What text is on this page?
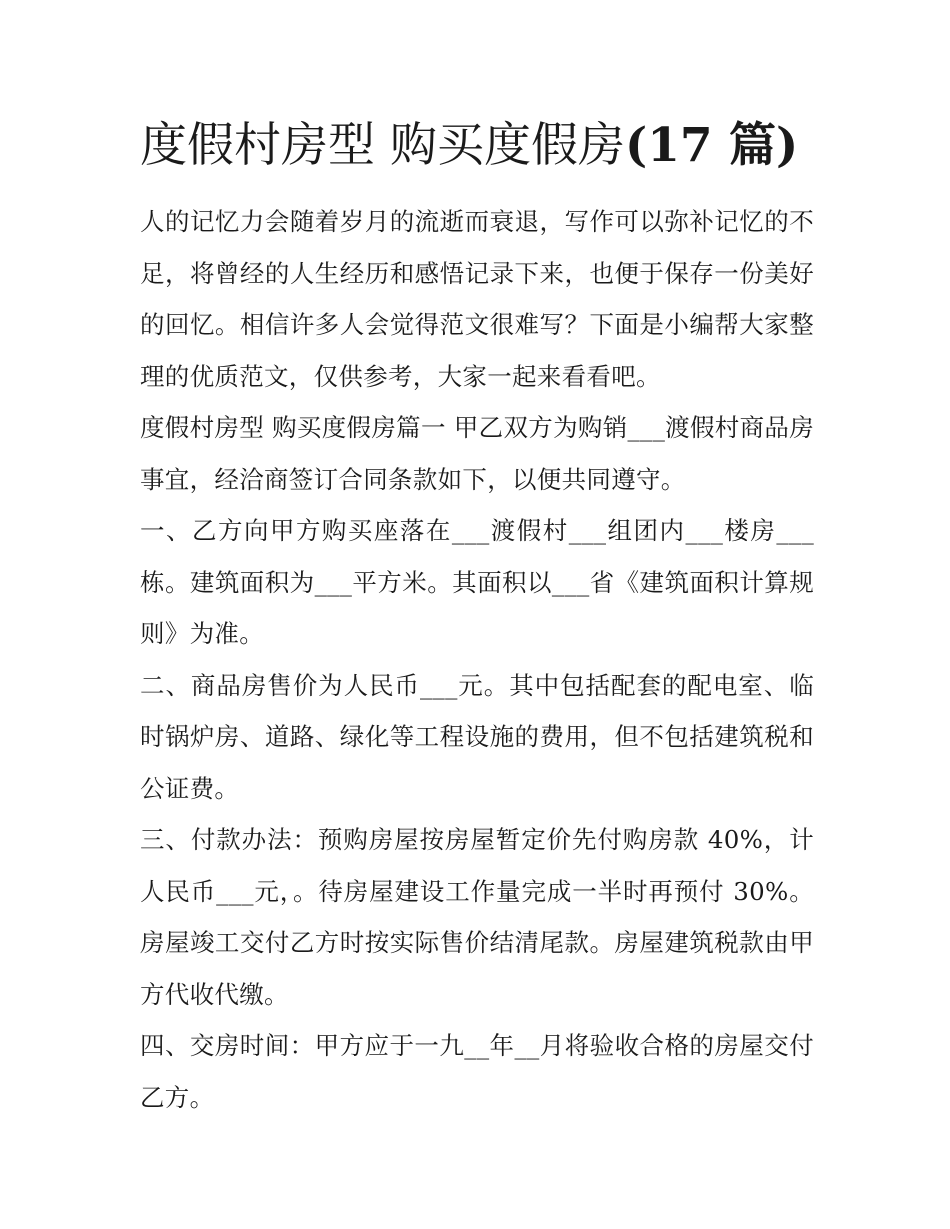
度假村房型 购买度假房(17 篇)

人的记忆力会随着岁月的流逝而衰退，写作可以弥补记忆的不足，将曾经的人生经历和感悟记录下来，也便于保存一份美好的回忆。相信许多人会觉得范文很难写？下面是小编帮大家整理的优质范文，仅供参考，大家一起来看看吧。

度假村房型 购买度假房篇一 甲乙双方为购销___渡假村商品房事宜，经洽商签订合同条款如下，以便共同遵守。

一、乙方向甲方购买座落在___渡假村___组团内___楼房___栋。建筑面积为___平方米。其面积以___省《建筑面积计算规则》为准。

二、商品房售价为人民币___元。其中包括配套的配电室、临时锅炉房、道路、绿化等工程设施的费用，但不包括建筑税和公证费。

三、付款办法：预购房屋按房屋暂定价先付购房款 40%，计人民币___元，。待房屋建设工作量完成一半时再预付 30%。房屋竣工交付乙方时按实际售价结清尾款。房屋建筑税款由甲方代收代缴。

四、交房时间：甲方应于一九__年__月将验收合格的房屋交付乙方。
